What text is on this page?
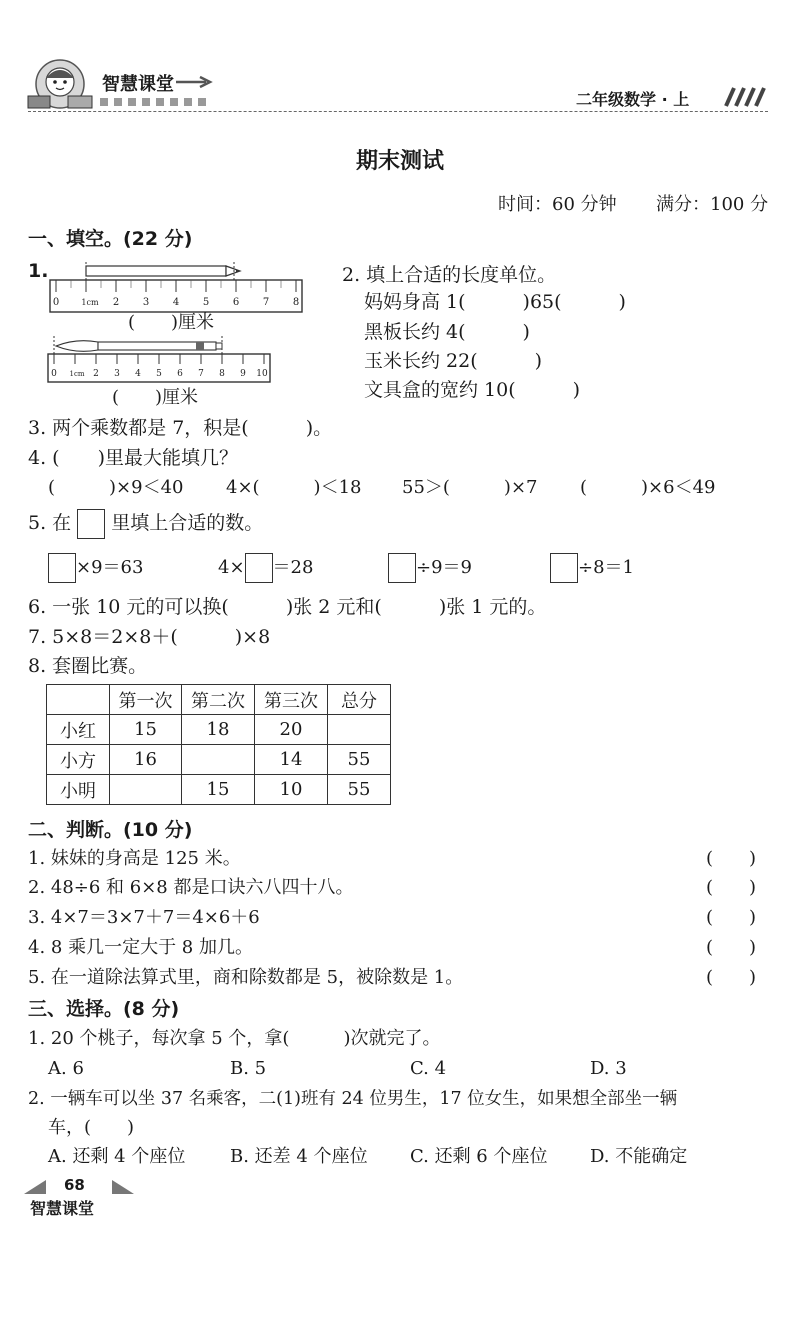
智慧课堂
二年级数学 · 上
期末测试
时间：60 分钟 满分：100 分
一、填空。(22 分)
1.
0	1cm 2 3 4 5 6 7 8
(　　)厘米
0 1cm 2 3 4 5 6 7 8 9 10
(　　)厘米
2. 填上合适的长度单位。
妈妈身高 1(　　　)65(　　　)
黑板长约 4(　　　)
玉米长约 22(　　　)
文具盒的宽约 10(　　　)
3. 两个乘数都是 7，积是(　　　)。
4. (　　)里最大能填几？
(　　　)×9＜40 4×(　　　)＜18 55＞(　　　)×7 (　　　)×6＜49
5. 在 里填上合适的数。
×9＝63	4× ＝28	÷9＝9	÷8＝1
6. 一张 10 元的可以换(　　　)张 2 元和(　　　)张 1 元的。
7. 5×8＝2×8＋(　　　)×8
8. 套圈比赛。
	第一次	第二次	第三次	总分
小红	15	18	20	
小方	16		14	55
小明		15	10	55
二、判断。(10 分)
1. 妹妹的身高是 125 米。	(　　)
2. 48÷6 和 6×8 都是口诀六八四十八。	(　　)
3. 4×7＝3×7＋7＝4×6＋6	(　　)
4. 8 乘几一定大于 8 加几。	(　　)
5. 在一道除法算式里，商和除数都是 5，被除数是 1。	(　　)
三、选择。(8 分)
1. 20 个桃子，每次拿 5 个，拿(　　　)次就完了。
A. 6	B. 5	C. 4	D. 3
2. 一辆车可以坐 37 名乘客，二(1)班有 24 位男生，17 位女生，如果想全部坐一辆
车，(　　)
A. 还剩 4 个座位 B. 还差 4 个座位 C. 还剩 6 个座位 D. 不能确定
68
智慧课堂
